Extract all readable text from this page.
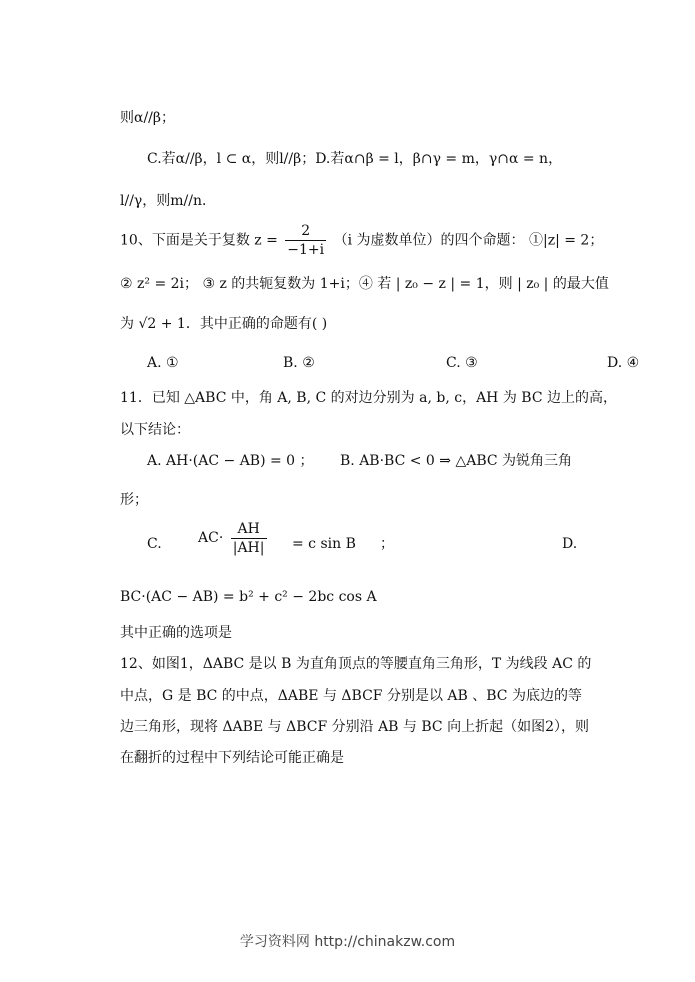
则α//β；
C.若α//β，l ⊂ α，则l//β；D.若α∩β = l，β∩γ = m，γ∩α = n，
l//γ，则m//n．
10、下面是关于复数 $z = \frac{2}{-1+i} (i$ 为虚数单位）的四个命题： ①|z| = 2；
② z² = 2i； ③ z 的共轭复数为 1+i；④ 若 | z₀ − z | = 1，则 | z₀ | 的最大值
为 √2 + 1．其中正确的命题有( )
A. ①	B. ②	C. ③	D. ④
11．已知 △ABC 中，角 A, B, C 的对边分别为 a, b, c，AH 为 BC 边上的高，
以下结论：
A. AH·(AC − AB) = 0 ； B. AB·BC < 0 ⇒ △ABC 为锐角三角
形；
C.	$AC\cdot \frac{AH}{|AH|} = c$ sin B ；	D.
BC·(AC − AB) = b² + c² − 2bc cos A
其中正确的选项是
12、如图1，ΔABC 是以 B 为直角顶点的等腰直角三角形，T 为线段 AC 的
中点，G 是 BC 的中点，ΔABE 与 ΔBCF 分别是以 AB 、BC 为底边的等
边三角形，现将 ΔABE 与 ΔBCF 分别沿 AB 与 BC 向上折起（如图2），则
在翻折的过程中下列结论可能正确是
学习资料网 http://chinakzw.com
